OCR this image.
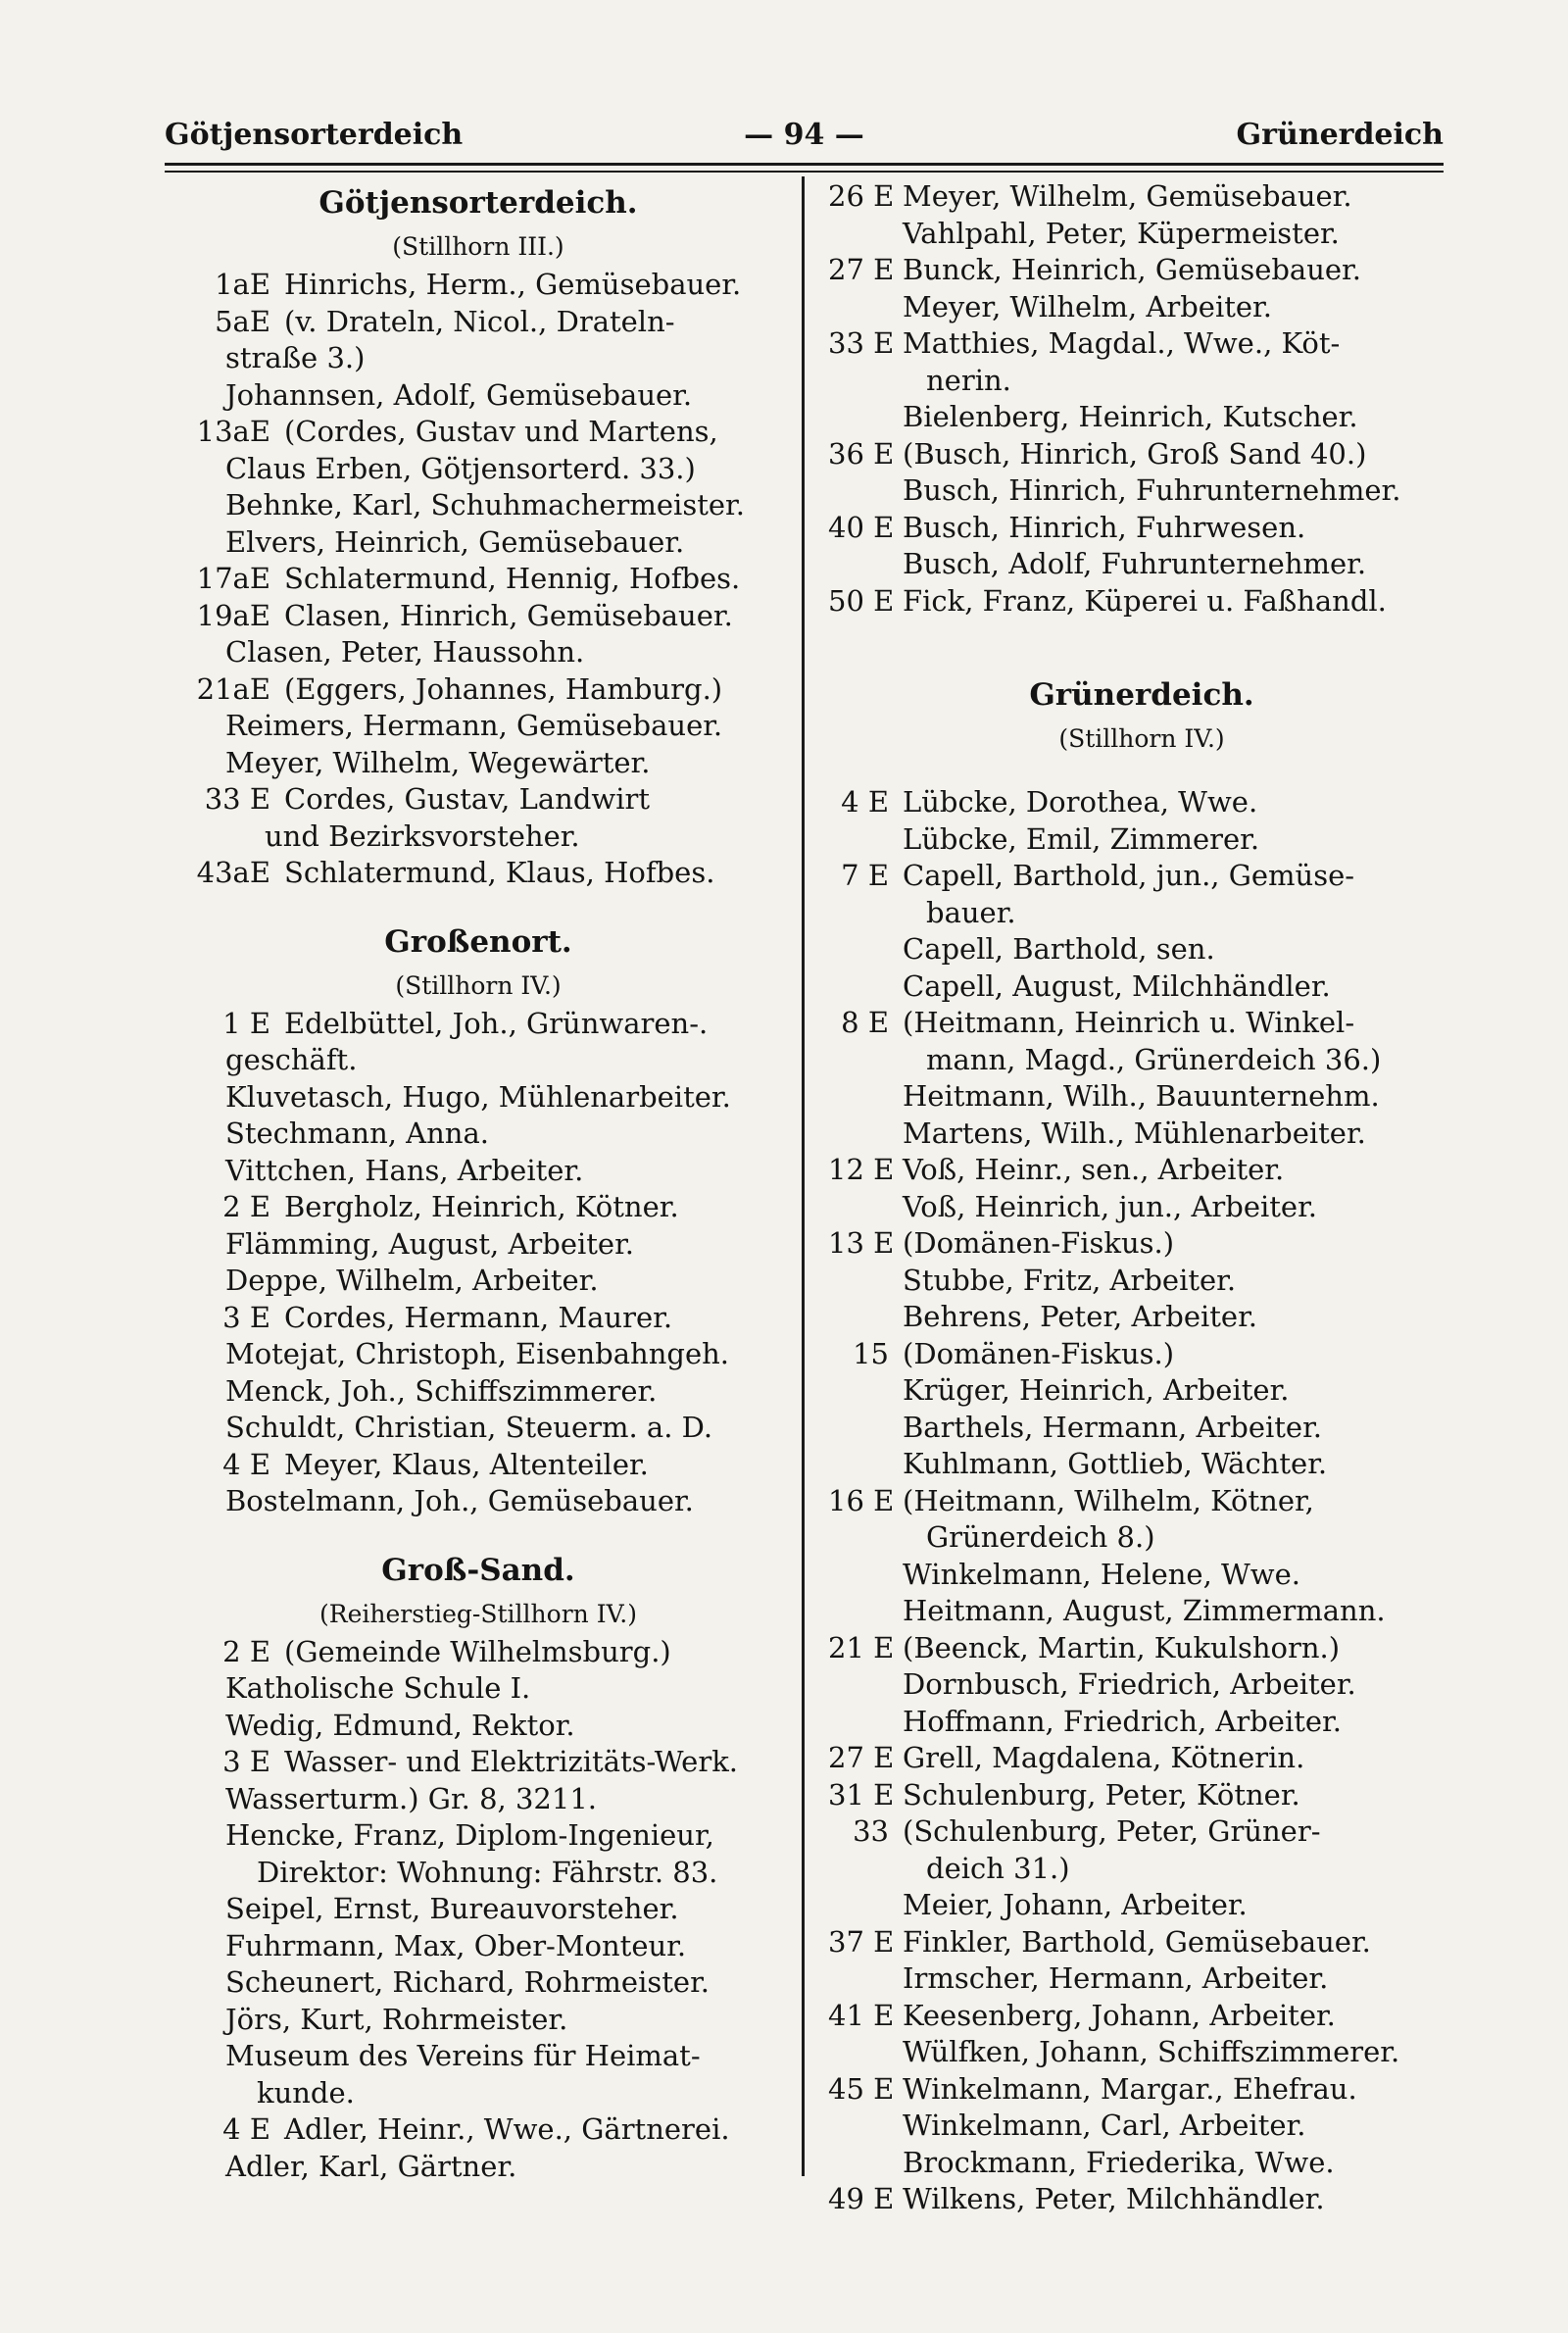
Götjensorterdeich	— 94 —	Grünerdeich
Götjensorterdeich.
(Stillhorn III.)
1aE Hinrichs, Herm., Gemüsebauer.
5aE (v. Drateln, Nicol., Drateln-
straße 3.)
Johannsen, Adolf, Gemüsebauer.
13aE (Cordes, Gustav und Martens,
Claus Erben, Götjensorterd. 33.)
Behnke, Karl, Schuhmachermeister.
Elvers, Heinrich, Gemüsebauer.
17aE Schlatermund, Hennig, Hofbes.
19aE Clasen, Hinrich, Gemüsebauer.
Clasen, Peter, Haussohn.
21aE (Eggers, Johannes, Hamburg.)
Reimers, Hermann, Gemüsebauer.
Meyer, Wilhelm, Wegewärter.
33 E Cordes, Gustav, Landwirt
und Bezirksvorsteher.
43aE Schlatermund, Klaus, Hofbes.
Großenort.
(Stillhorn IV.)
1 E Edelbüttel, Joh., Grünwaren-.
geschäft.
Kluvetasch, Hugo, Mühlenarbeiter.
Stechmann, Anna.
Vittchen, Hans, Arbeiter.
2 E Bergholz, Heinrich, Kötner.
Flämming, August, Arbeiter.
Deppe, Wilhelm, Arbeiter.
3 E Cordes, Hermann, Maurer.
Motejat, Christoph, Eisenbahngeh.
Menck, Joh., Schiffszimmerer.
Schuldt, Christian, Steuerm. a. D.
4 E Meyer, Klaus, Altenteiler.
Bostelmann, Joh., Gemüsebauer.
Groß-Sand.
(Reiherstieg-Stillhorn IV.)
2 E (Gemeinde Wilhelmsburg.)
Katholische Schule I.
Wedig, Edmund, Rektor.
3 E Wasser- und Elektrizitäts-Werk.
Wasserturm.) Gr. 8, 3211.
Hencke, Franz, Diplom-Ingenieur,
Direktor: Wohnung: Fährstr. 83.
Seipel, Ernst, Bureauvorsteher.
Fuhrmann, Max, Ober-Monteur.
Scheunert, Richard, Rohrmeister.
Jörs, Kurt, Rohrmeister.
Museum des Vereins für Heimat-
kunde.
4 E Adler, Heinr., Wwe., Gärtnerei.
Adler, Karl, Gärtner.
26 E Meyer, Wilhelm, Gemüsebauer.
Vahlpahl, Peter, Küpermeister.
27 E Bunck, Heinrich, Gemüsebauer.
Meyer, Wilhelm, Arbeiter.
33 E Matthies, Magdal., Wwe., Köt-
nerin.
Bielenberg, Heinrich, Kutscher.
36 E (Busch, Hinrich, Groß Sand 40.)
Busch, Hinrich, Fuhrunternehmer.
40 E Busch, Hinrich, Fuhrwesen.
Busch, Adolf, Fuhrunternehmer.
50 E Fick, Franz, Küperei u. Faßhandl.
Grünerdeich.
(Stillhorn IV.)
4 E Lübcke, Dorothea, Wwe.
Lübcke, Emil, Zimmerer.
7 E Capell, Barthold, jun., Gemüse-
bauer.
Capell, Barthold, sen.
Capell, August, Milchhändler.
8 E (Heitmann, Heinrich u. Winkel-
mann, Magd., Grünerdeich 36.)
Heitmann, Wilh., Bauunternehm.
Martens, Wilh., Mühlenarbeiter.
12 E Voß, Heinr., sen., Arbeiter.
Voß, Heinrich, jun., Arbeiter.
13 E (Domänen-Fiskus.)
Stubbe, Fritz, Arbeiter.
Behrens, Peter, Arbeiter.
15 (Domänen-Fiskus.)
Krüger, Heinrich, Arbeiter.
Barthels, Hermann, Arbeiter.
Kuhlmann, Gottlieb, Wächter.
16 E (Heitmann, Wilhelm, Kötner,
Grünerdeich 8.)
Winkelmann, Helene, Wwe.
Heitmann, August, Zimmermann.
21 E (Beenck, Martin, Kukulshorn.)
Dornbusch, Friedrich, Arbeiter.
Hoffmann, Friedrich, Arbeiter.
27 E Grell, Magdalena, Kötnerin.
31 E Schulenburg, Peter, Kötner.
33 (Schulenburg, Peter, Grüner-
deich 31.)
Meier, Johann, Arbeiter.
37 E Finkler, Barthold, Gemüsebauer.
Irmscher, Hermann, Arbeiter.
41 E Keesenberg, Johann, Arbeiter.
Wülfken, Johann, Schiffszimmerer.
45 E Winkelmann, Margar., Ehefrau.
Winkelmann, Carl, Arbeiter.
Brockmann, Friederika, Wwe.
49 E Wilkens, Peter, Milchhändler.
